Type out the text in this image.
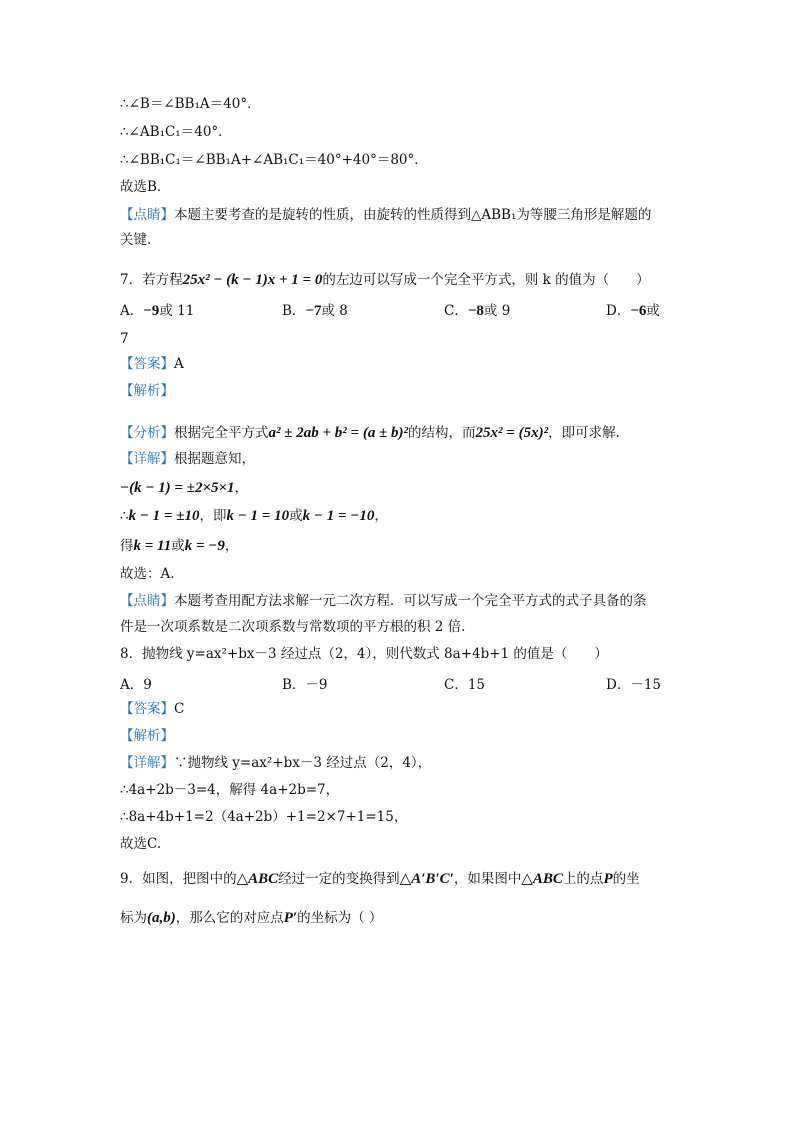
∴∠B＝∠BB₁A＝40°．
∴∠AB₁C₁＝40°．
∴∠BB₁C₁＝∠BB₁A+∠AB₁C₁＝40°+40°＝80°．
故选B.
【点睛】本题主要考查的是旋转的性质，由旋转的性质得到△ABB₁为等腰三角形是解题的
关键.
7．若方程25x² − (k − 1)x + 1 = 0的左边可以写成一个完全平方式，则 k 的值为（　　）
A．−9或 11	B．−7或 8	C．−8或 9	D．−6或
7
【答案】A
【解析】
【分析】根据完全平方式a² ± 2ab + b² = (a ± b)²的结构，而25x² = (5x)²，即可求解.
【详解】根据题意知，
−(k − 1) = ±2×5×1，
∴k − 1 = ±10，即k − 1 = 10或k − 1 = −10，
得k = 11或k = −9，
故选：A.
【点睛】本题考查用配方法求解一元二次方程．可以写成一个完全平方式的式子具备的条
件是一次项系数是二次项系数与常数项的平方根的积 2 倍.
8．抛物线 y=ax²+bx－3 经过点（2，4），则代数式 8a+4b+1 的值是（　　）
A．9	B．－9	C．15	D．－15
【答案】C
【解析】
【详解】∵抛物线 y=ax²+bx－3 经过点（2，4），
∴4a+2b－3=4，解得 4a+2b=7，
∴8a+4b+1=2（4a+2b）+1=2×7+1=15，
故选C.
9．如图，把图中的△ABC经过一定的变换得到△A′B′C′，如果图中△ABC上的点P的坐
标为(a,b)，那么它的对应点P′的坐标为（ ）
